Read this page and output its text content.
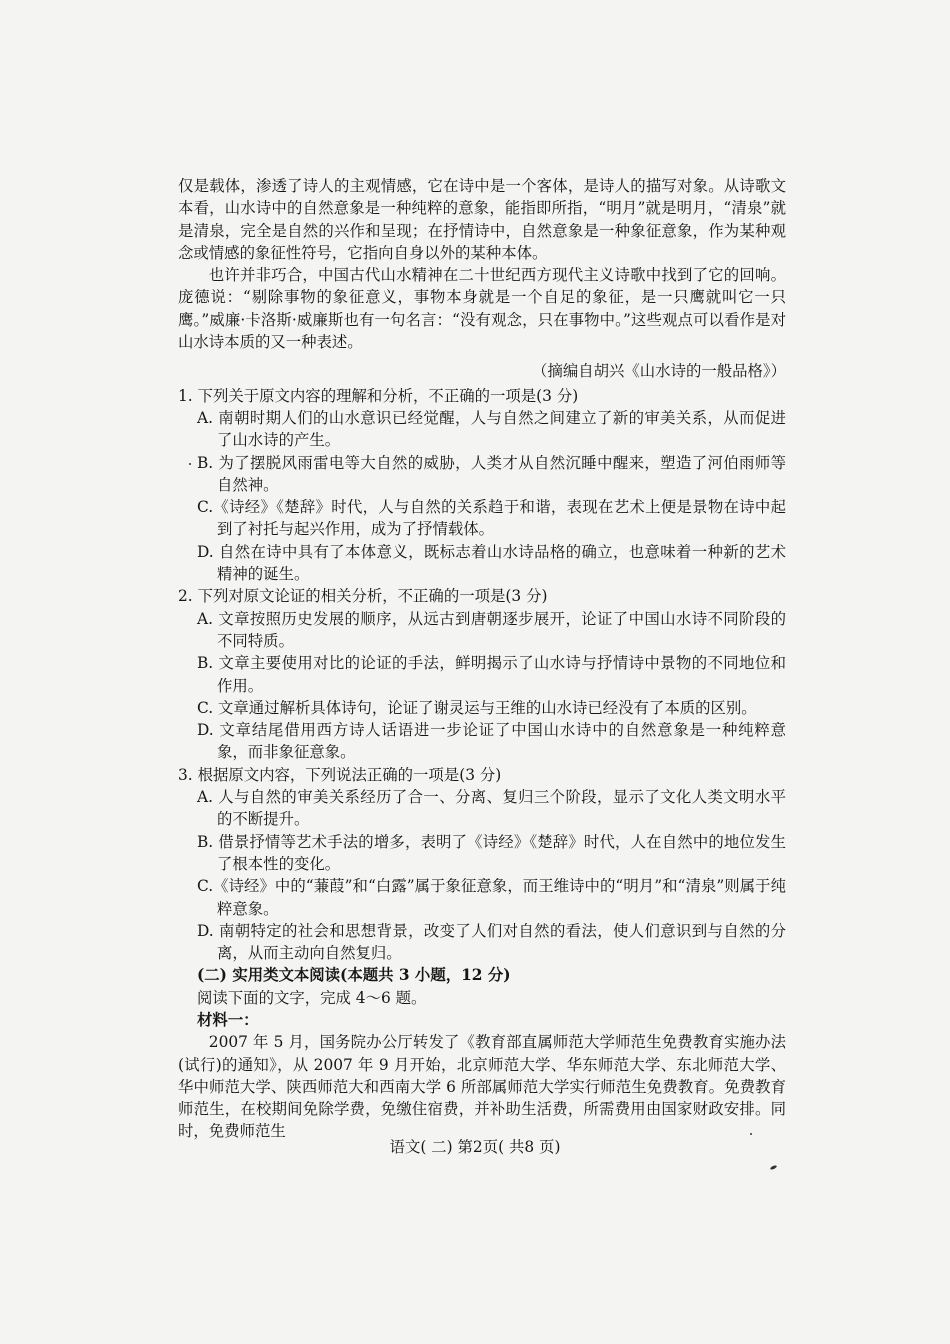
仅是载体，渗透了诗人的主观情感，它在诗中是一个客体，是诗人的描写对象。从诗歌文本看，山水诗中的自然意象是一种纯粹的意象，能指即所指，“明月”就是明月，“清泉”就是清泉，完全是自然的兴作和呈现；在抒情诗中，自然意象是一种象征意象，作为某种观念或情感的象征性符号，它指向自身以外的某种本体。

也许并非巧合，中国古代山水精神在二十世纪西方现代主义诗歌中找到了它的回响。庞德说：“剔除事物的象征意义，事物本身就是一个自足的象征，是一只鹰就叫它一只鹰。”威廉·卡洛斯·威廉斯也有一句名言：“没有观念，只在事物中。”这些观点可以看作是对山水诗本质的又一种表述。

（摘编自胡兴《山水诗的一般品格》）

1. 下列关于原文内容的理解和分析，不正确的一项是(3 分)

A. 南朝时期人们的山水意识已经觉醒，人与自然之间建立了新的审美关系，从而促进了山水诗的产生。

B. 为了摆脱风雨雷电等大自然的威胁，人类才从自然沉睡中醒来，塑造了河伯雨师等自然神。

C.《诗经》《楚辞》时代，人与自然的关系趋于和谐，表现在艺术上便是景物在诗中起到了衬托与起兴作用，成为了抒情载体。

D. 自然在诗中具有了本体意义，既标志着山水诗品格的确立，也意味着一种新的艺术精神的诞生。

2. 下列对原文论证的相关分析，不正确的一项是(3 分)

A. 文章按照历史发展的顺序，从远古到唐朝逐步展开，论证了中国山水诗不同阶段的不同特质。

B. 文章主要使用对比的论证的手法，鲜明揭示了山水诗与抒情诗中景物的不同地位和作用。

C. 文章通过解析具体诗句，论证了谢灵运与王维的山水诗已经没有了本质的区别。

D. 文章结尾借用西方诗人话语进一步论证了中国山水诗中的自然意象是一种纯粹意象，而非象征意象。

3. 根据原文内容，下列说法正确的一项是(3 分)

A. 人与自然的审美关系经历了合一、分离、复归三个阶段，显示了文化人类文明水平的不断提升。

B. 借景抒情等艺术手法的增多，表明了《诗经》《楚辞》时代，人在自然中的地位发生了根本性的变化。

C.《诗经》中的“蒹葭”和“白露”属于象征意象，而王维诗中的“明月”和“清泉”则属于纯粹意象。

D. 南朝特定的社会和思想背景，改变了人们对自然的看法，使人们意识到与自然的分离，从而主动向自然复归。

(二) 实用类文本阅读(本题共 3 小题，12 分)

阅读下面的文字，完成 4～6 题。

材料一：

2007 年 5 月，国务院办公厅转发了《教育部直属师范大学师范生免费教育实施办法(试行)的通知》，从 2007 年 9 月开始，北京师范大学、华东师范大学、东北师范大学、华中师范大学、陕西师范大和西南大学 6 所部属师范大学实行师范生免费教育。免费教育师范生，在校期间免除学费，免缴住宿费，并补助生活费，所需费用由国家财政安排。同时，免费师范生

语文( 二) 第2页( 共8 页)
